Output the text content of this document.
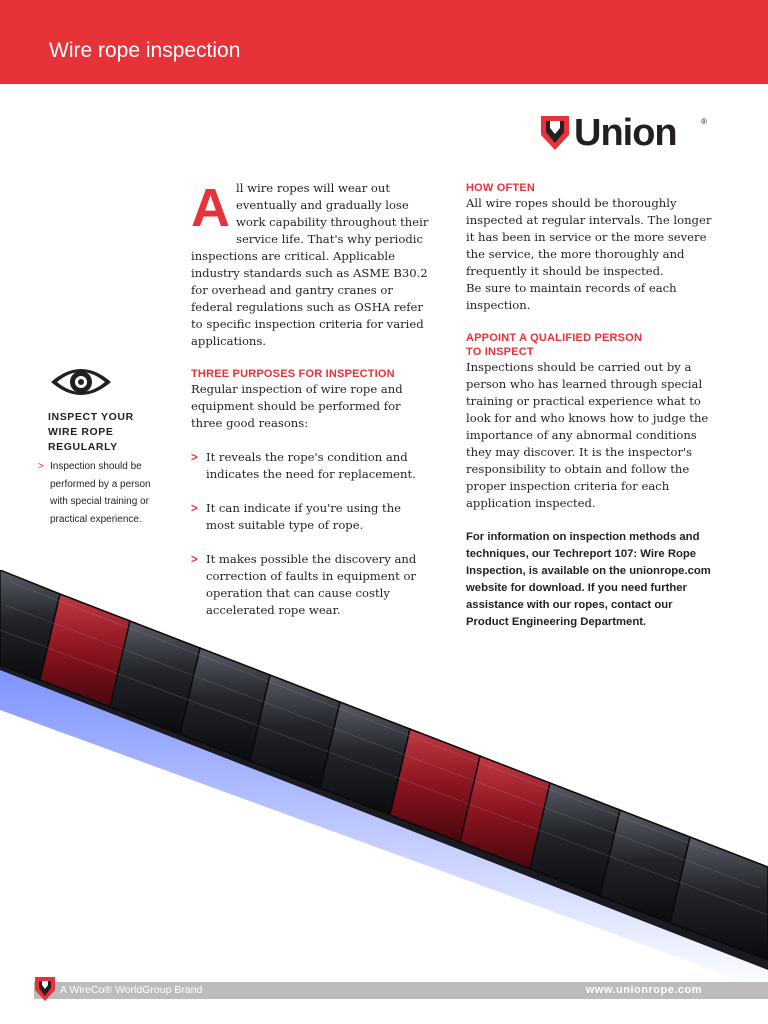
Wire rope inspection
Union	®

All wire ropes will wear out eventually and gradually lose work capability throughout their service life. That's why periodic inspections are critical. Applicable industry standards such as ASME B30.2 for overhead and gantry cranes or federal regulations such as OSHA refer to specific inspection criteria for varied applications.

THREE PURPOSES FOR INSPECTION

Regular inspection of wire rope and equipment should be performed for three good reasons:

> It reveals the rope's condition and indicates the need for replacement.
> It can indicate if you're using the most suitable type of rope.
> It makes possible the discovery and correction of faults in equipment or operation that can cause costly accelerated rope wear.
INSPECT YOUR WIRE ROPE REGULARLY
> Inspection should be performed by a person with special training or practical experience.
HOW OFTEN

All wire ropes should be thoroughly inspected at regular intervals. The longer it has been in service or the more severe the service, the more thoroughly and frequently it should be inspected.

Be sure to maintain records of each inspection.

APPOINT A QUALIFIED PERSON
TO INSPECT

Inspections should be carried out by a person who has learned through special training or practical experience what to look for and who knows how to judge the importance of any abnormal conditions they may discover. It is the inspector's responsibility to obtain and follow the proper inspection criteria for each application inspected.

For information on inspection methods and techniques, our Techreport 107: Wire Rope Inspection, is available on the unionrope.com website for download. If you need further assistance with our ropes, contact our Product Engineering Department.

A WireCo® WorldGroup Brand	www.unionrope.com
